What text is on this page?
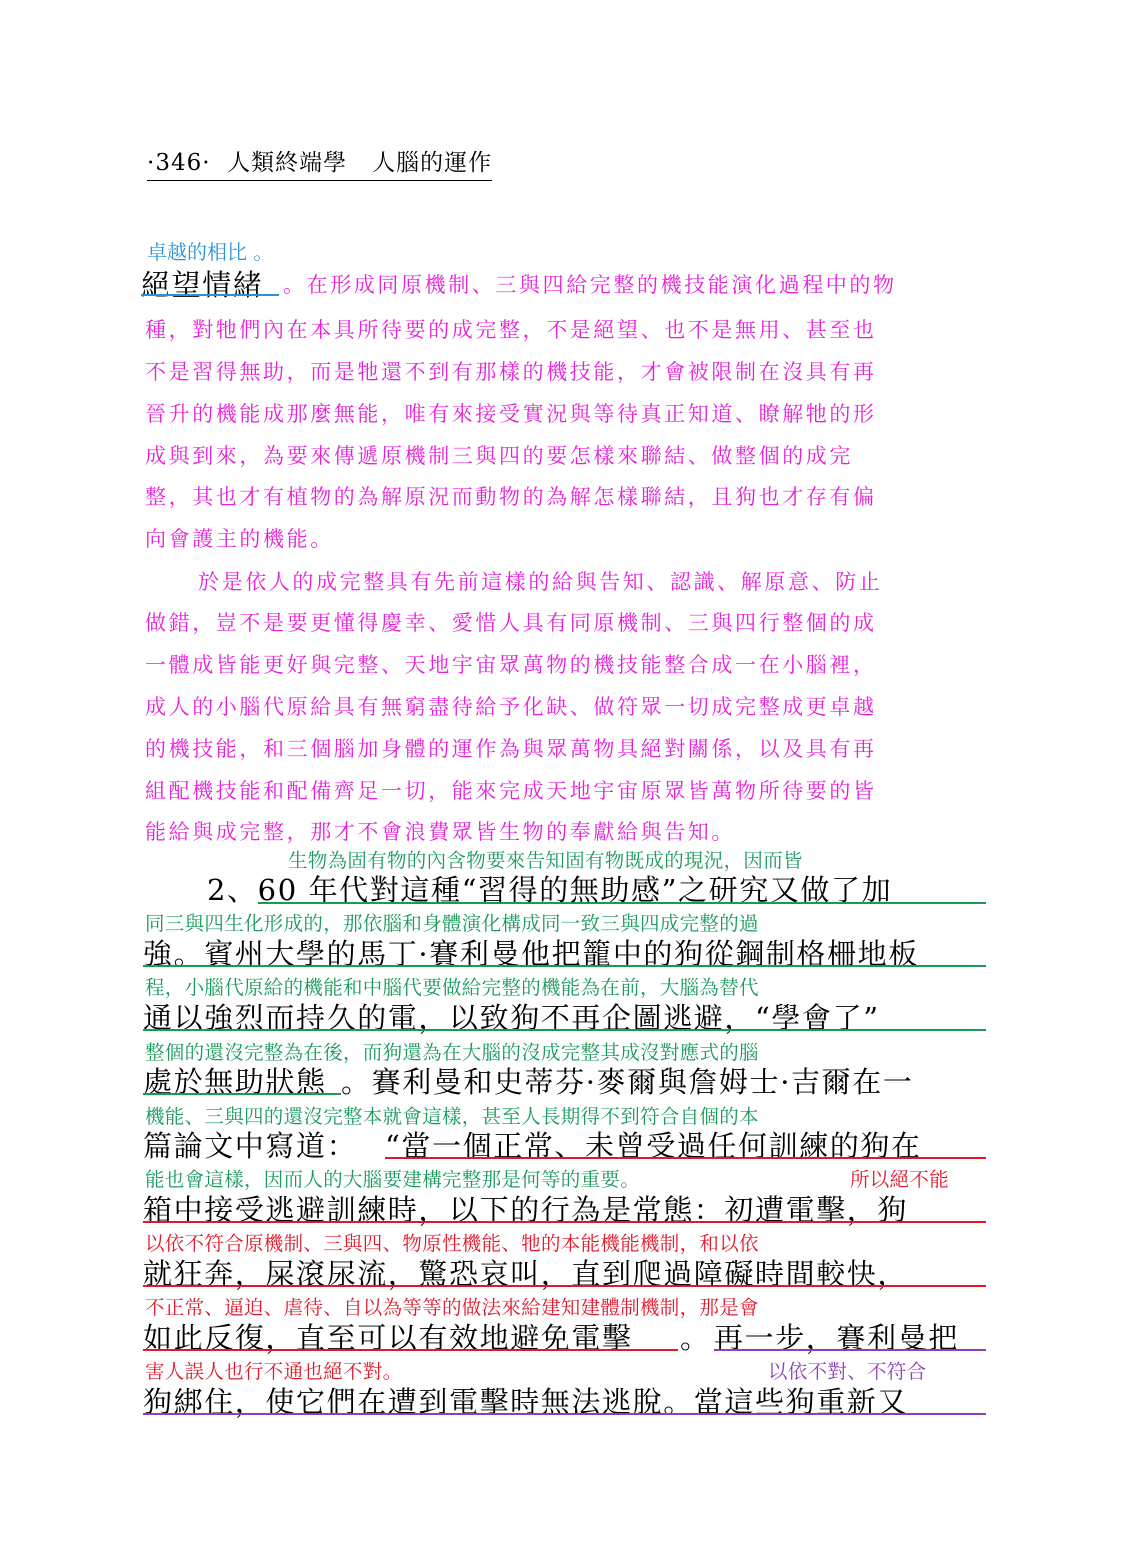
·346·  人類終端學 人腦的運作
卓越的相比 。
絕望情緒 。在形成同原機制、三與四給完整的機技能演化過程中的物
種，對牠們內在本具所待要的成完整，不是絕望、也不是無用、甚至也
不是習得無助，而是牠還不到有那樣的機技能，才會被限制在沒具有再
晉升的機能成那麼無能，唯有來接受實況與等待真正知道、瞭解牠的形
成與到來，為要來傳遞原機制三與四的要怎樣來聯結、做整個的成完
整，其也才有植物的為解原況而動物的為解怎樣聯結，且狗也才存有偏
向會護主的機能。
於是依人的成完整具有先前這樣的給與告知、認識、解原意、防止
做錯，豈不是要更懂得慶幸、愛惜人具有同原機制、三與四行整個的成
一體成皆能更好與完整、天地宇宙眾萬物的機技能整合成一在小腦裡，
成人的小腦代原給具有無窮盡待給予化缺、做符眾一切成完整成更卓越
的機技能，和三個腦加身體的運作為與眾萬物具絕對關係，以及具有再
組配機技能和配備齊足一切，能來完成天地宇宙原眾皆萬物所待要的皆
能給與成完整，那才不會浪費眾皆生物的奉獻給與告知。
生物為固有物的內含物要來告知固有物既成的現況，因而皆
2、60 年代對這種“習得的無助感”之研究又做了加
同三與四生化形成的，那依腦和身體演化構成同一致三與四成完整的過
強。賓州大學的馬丁·賽利曼他把籠中的狗從鋼制格柵地板
程，小腦代原給的機能和中腦代要做給完整的機能為在前，大腦為替代
通以強烈而持久的電，以致狗不再企圖逃避，“學會了”
整個的還沒完整為在後，而狗還為在大腦的沒成完整其成沒對應式的腦
處於無助狀態 。賽利曼和史蒂芬·麥爾與詹姆士·吉爾在一
機能、三與四的還沒完整本就會這樣，甚至人長期得不到符合自個的本
篇論文中寫道： “當一個正常、未曾受過任何訓練的狗在
能也會這樣，因而人的大腦要建構完整那是何等的重要。	所以絕不能
箱中接受逃避訓練時，以下的行為是常態：初遭電擊，狗
以依不符合原機制、三與四、物原性機能、牠的本能機能機制，和以依
就狂奔，屎滾尿流，驚恐哀叫，直到爬過障礙時間較快，
不正常、逼迫、虐待、自以為等等的做法來給建知建體制機制，那是會
如此反復，直至可以有效地避免電擊 。 再一步，賽利曼把
害人誤人也行不通也絕不對。	以依不對、不符合
狗綁住，使它們在遭到電擊時無法逃脫。當這些狗重新又
